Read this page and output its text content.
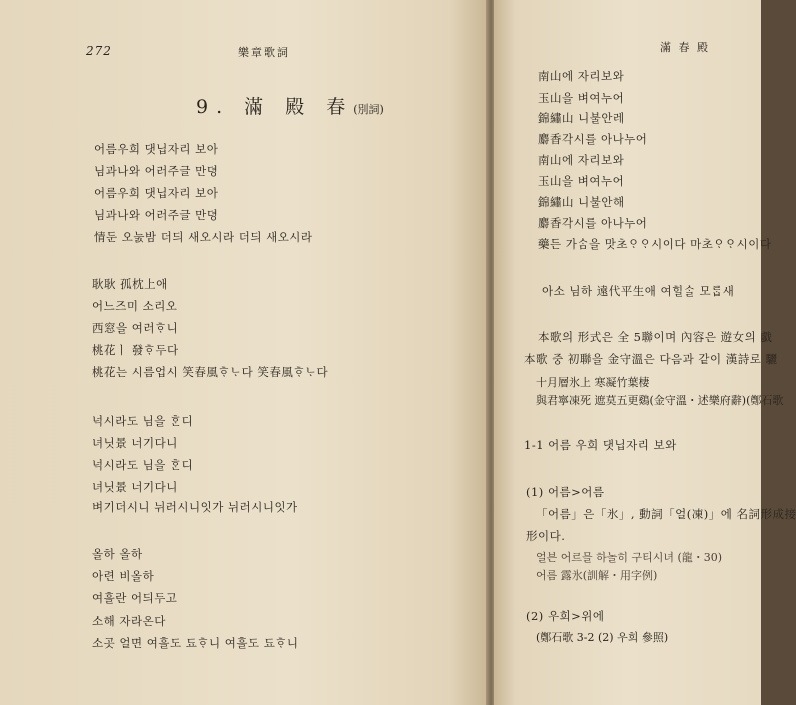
272	樂章歌詞
9. 滿 殿 春(別詞)
어름우희 댓닙자리 보아
님과나와 어러주글 만뎡
어름우희 댓닙자리 보아
님과나와 어러주글 만뎡
情둔 오눐밤 더듸 새오시라 더듸 새오시라
耿耿 孤枕上애
어느즈미 소리오
西窓을 여러ᄒᆞ니
桃花ㅣ 發ᄒᆞ두다
桃花는 시름업시 笑春風ᄒᆞᄂᆞ다 笑春風ᄒᆞᄂᆞ다
넉시라도 님을 ᄒᆞᆫ디
녀닛景 너기다니
넉시라도 님을 ᄒᆞᆫ디
녀닛景 너기다니
벼기더시니 뉘러시니잇가 뉘러시니잇가
올하 올하
아련 비올하
여흘란 어듸두고
소해 자라온다
소곳 얼면 여흘도 됴ᄒᆞ니 여흘도 됴ᄒᆞ니
滿 春 殿
南山에 자리보와
玉山을 벼여누어
錦繡山 니불안레
麝香각시를 아나누어
南山에 자리보와
玉山을 벼여누어
錦繡山 니불안해
麝香각시를 아나누어
藥든 가ᄉᆞᆷ을 맛초ᄋᆞᄋᆞ시이다 마초ᄋᆞᄋᆞ시이다
아소 님하 遠代平生애 여힐ᄉᆞᆯ 모ᄅᆞᆸ새
本歌의 形式은 全 5聯이며 內容은 遊女의 戱
本歌 중 初聯을 金守溫은 다음과 같이 漢詩로 驪
十月層氷上 寒凝竹葉棲
與君寧凍死 遮莫五更鷄(金守溫・述樂府辭)(鄭石歌
1-1 어름 우희 댓닙자리 보와
(1) 어름>어름
「어름」은「氷」, 動詞「얼(凍)」에 名詞形成接
形이다.
얼븐 어르믈 하놀히 구티시녀 (龍・30)
어름 露氷(訓解・用字例)
(2) 우희>위에
(鄭石歌 3-2 (2) 우희 參照)
